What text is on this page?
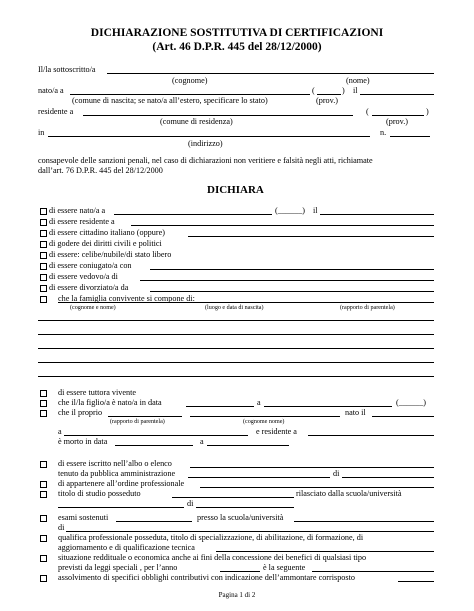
DICHIARAZIONE SOSTITUTIVA DI CERTIFICAZIONI
(Art. 46 D.P.R. 445 del 28/12/2000)
Il/la sottoscritto/a
(cognome)	(nome)
nato/a a	(	) il
(comune di nascita; se nato/a all’estero, specificare lo stato)	(prov.)
residente a	(	)
(comune di residenza)	(prov.)
in	n.
(indirizzo)
consapevole delle sanzioni penali, nel caso di dichiarazioni non veritiere e falsità negli atti, richiamate
dall’art. 76 D.P.R. 445 del 28/12/2000
DICHIARA
di essere nato/a a	(______) il
di essere residente a
di essere cittadino italiano (oppure)
di godere dei diritti civili e politici
di essere: celibe/nubile/di stato libero
di essere coniugato/a con
di essere vedovo/a di
di essere divorziato/a da
che la famiglia convivente si compone di:
(cognome e nome)	(luogo e data di nascita)	(rapporto di parentela)
di essere tuttora vivente
che il/la figlio/a è nato/a in data	a	(______)
che il proprio	nato il
(rapporto di parentela)	(cognome nome)
a	e residente a
è morto in data	a
di essere iscritto nell’albo o elenco
tenuto da pubblica amministrazione	di
di appartenere all’ordine professionale
titolo di studio posseduto	rilasciato dalla scuola/università
di
esami sostenuti	presso la scuola/università
di
qualifica professionale posseduta, titolo di specializzazione, di abilitazione, di formazione, di
aggiornamento e di qualificazione tecnica
situazione reddituale o economica anche ai fini della concessione dei benefici di qualsiasi tipo
previsti da leggi speciali , per l’anno	è la seguente
assolvimento di specifici obblighi contributivi con indicazione dell’ammontare corrisposto
Pagina 1 di 2
